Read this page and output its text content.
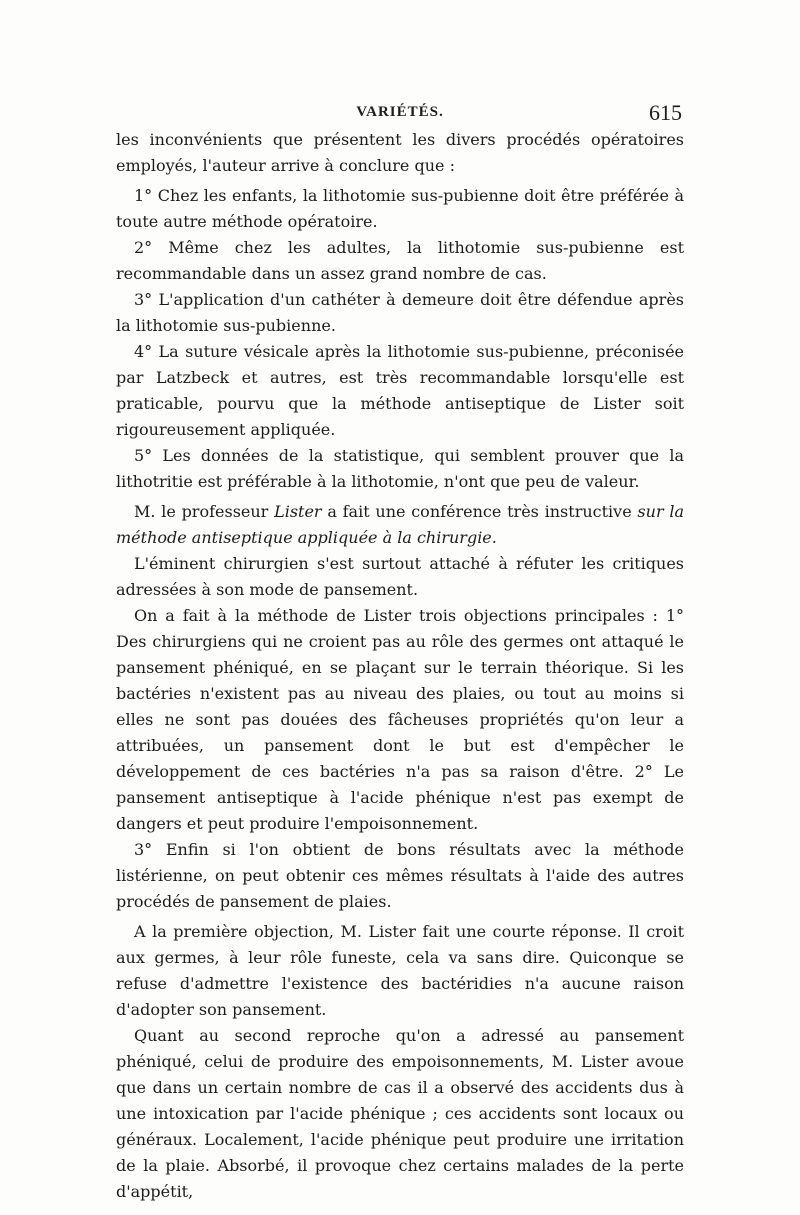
VARIÉTÉS.	615

les inconvénients que présentent les divers procédés opératoires employés, l'auteur arrive à conclure que :

1° Chez les enfants, la lithotomie sus-pubienne doit être préférée à toute autre méthode opératoire.

2° Même chez les adultes, la lithotomie sus-pubienne est recommandable dans un assez grand nombre de cas.

3° L'application d'un cathéter à demeure doit être défendue après la lithotomie sus-pubienne.

4° La suture vésicale après la lithotomie sus-pubienne, préconisée par Latzbeck et autres, est très recommandable lorsqu'elle est praticable, pourvu que la méthode antiseptique de Lister soit rigoureusement appliquée.

5° Les données de la statistique, qui semblent prouver que la lithotritie est préférable à la lithotomie, n'ont que peu de valeur.

M. le professeur Lister a fait une conférence très instructive sur la méthode antiseptique appliquée à la chirurgie.

L'éminent chirurgien s'est surtout attaché à réfuter les critiques adressées à son mode de pansement.

On a fait à la méthode de Lister trois objections principales : 1° Des chirurgiens qui ne croient pas au rôle des germes ont attaqué le pansement phéniqué, en se plaçant sur le terrain théorique. Si les bactéries n'existent pas au niveau des plaies, ou tout au moins si elles ne sont pas douées des fâcheuses propriétés qu'on leur a attribuées, un pansement dont le but est d'empêcher le développement de ces bactéries n'a pas sa raison d'être. 2° Le pansement antiseptique à l'acide phénique n'est pas exempt de dangers et peut produire l'empoisonnement.

3° Enfin si l'on obtient de bons résultats avec la méthode listérienne, on peut obtenir ces mêmes résultats à l'aide des autres procédés de pansement de plaies.

A la première objection, M. Lister fait une courte réponse. Il croit aux germes, à leur rôle funeste, cela va sans dire. Quiconque se refuse d'admettre l'existence des bactéridies n'a aucune raison d'adopter son pansement.

Quant au second reproche qu'on a adressé au pansement phéniqué, celui de produire des empoisonnements, M. Lister avoue que dans un certain nombre de cas il a observé des accidents dus à une intoxication par l'acide phénique ; ces accidents sont locaux ou généraux. Localement, l'acide phénique peut produire une irritation de la plaie. Absorbé, il provoque chez certains malades de la perte d'appétit,
